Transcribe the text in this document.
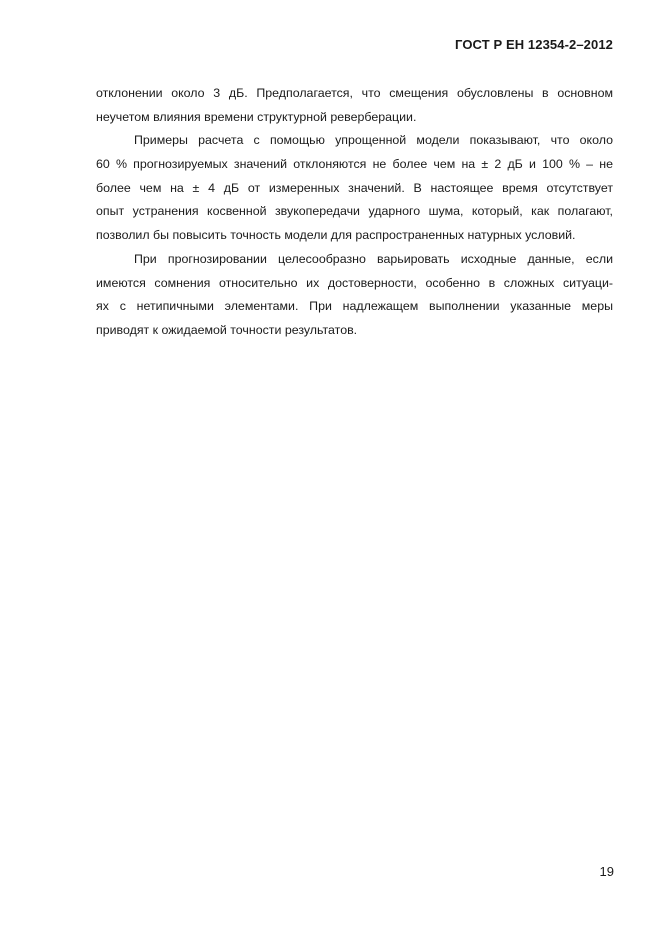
ГОСТ Р ЕН 12354-2–2012
отклонении около 3 дБ. Предполагается, что смещения обусловлены в основном
неучетом влияния времени структурной реверберации.
Примеры расчета с помощью упрощенной модели показывают, что около
60 % прогнозируемых значений отклоняются не более чем на ± 2 дБ и 100 % – не
более чем на ± 4 дБ от измеренных значений. В настоящее время отсутствует
опыт устранения косвенной звукопередачи ударного шума, который, как полагают,
позволил бы повысить точность модели для распространенных натурных условий.
При прогнозировании целесообразно варьировать исходные данные, если
имеются сомнения относительно их достоверности, особенно в сложных ситуаци-
ях с нетипичными элементами. При надлежащем выполнении указанные меры
приводят к ожидаемой точности результатов.
19
